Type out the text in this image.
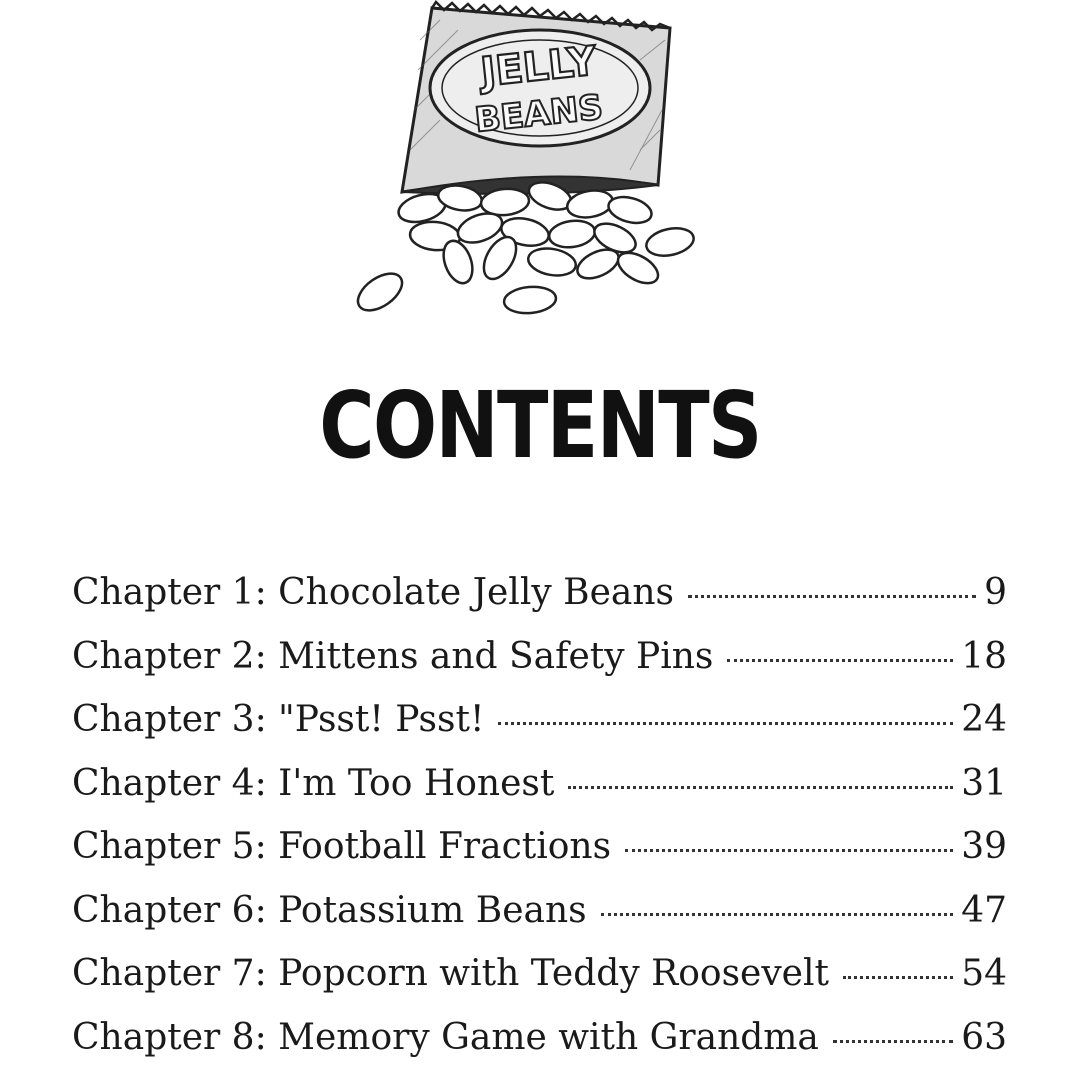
JELLY
BEANS
CONTENTS
Chapter 1: Chocolate Jelly Beans	9
Chapter 2: Mittens and Safety Pins	18
Chapter 3: "Psst! Psst!	24
Chapter 4: I'm Too Honest	31
Chapter 5: Football Fractions	39
Chapter 6: Potassium Beans	47
Chapter 7: Popcorn with Teddy Roosevelt	54
Chapter 8: Memory Game with Grandma	63
